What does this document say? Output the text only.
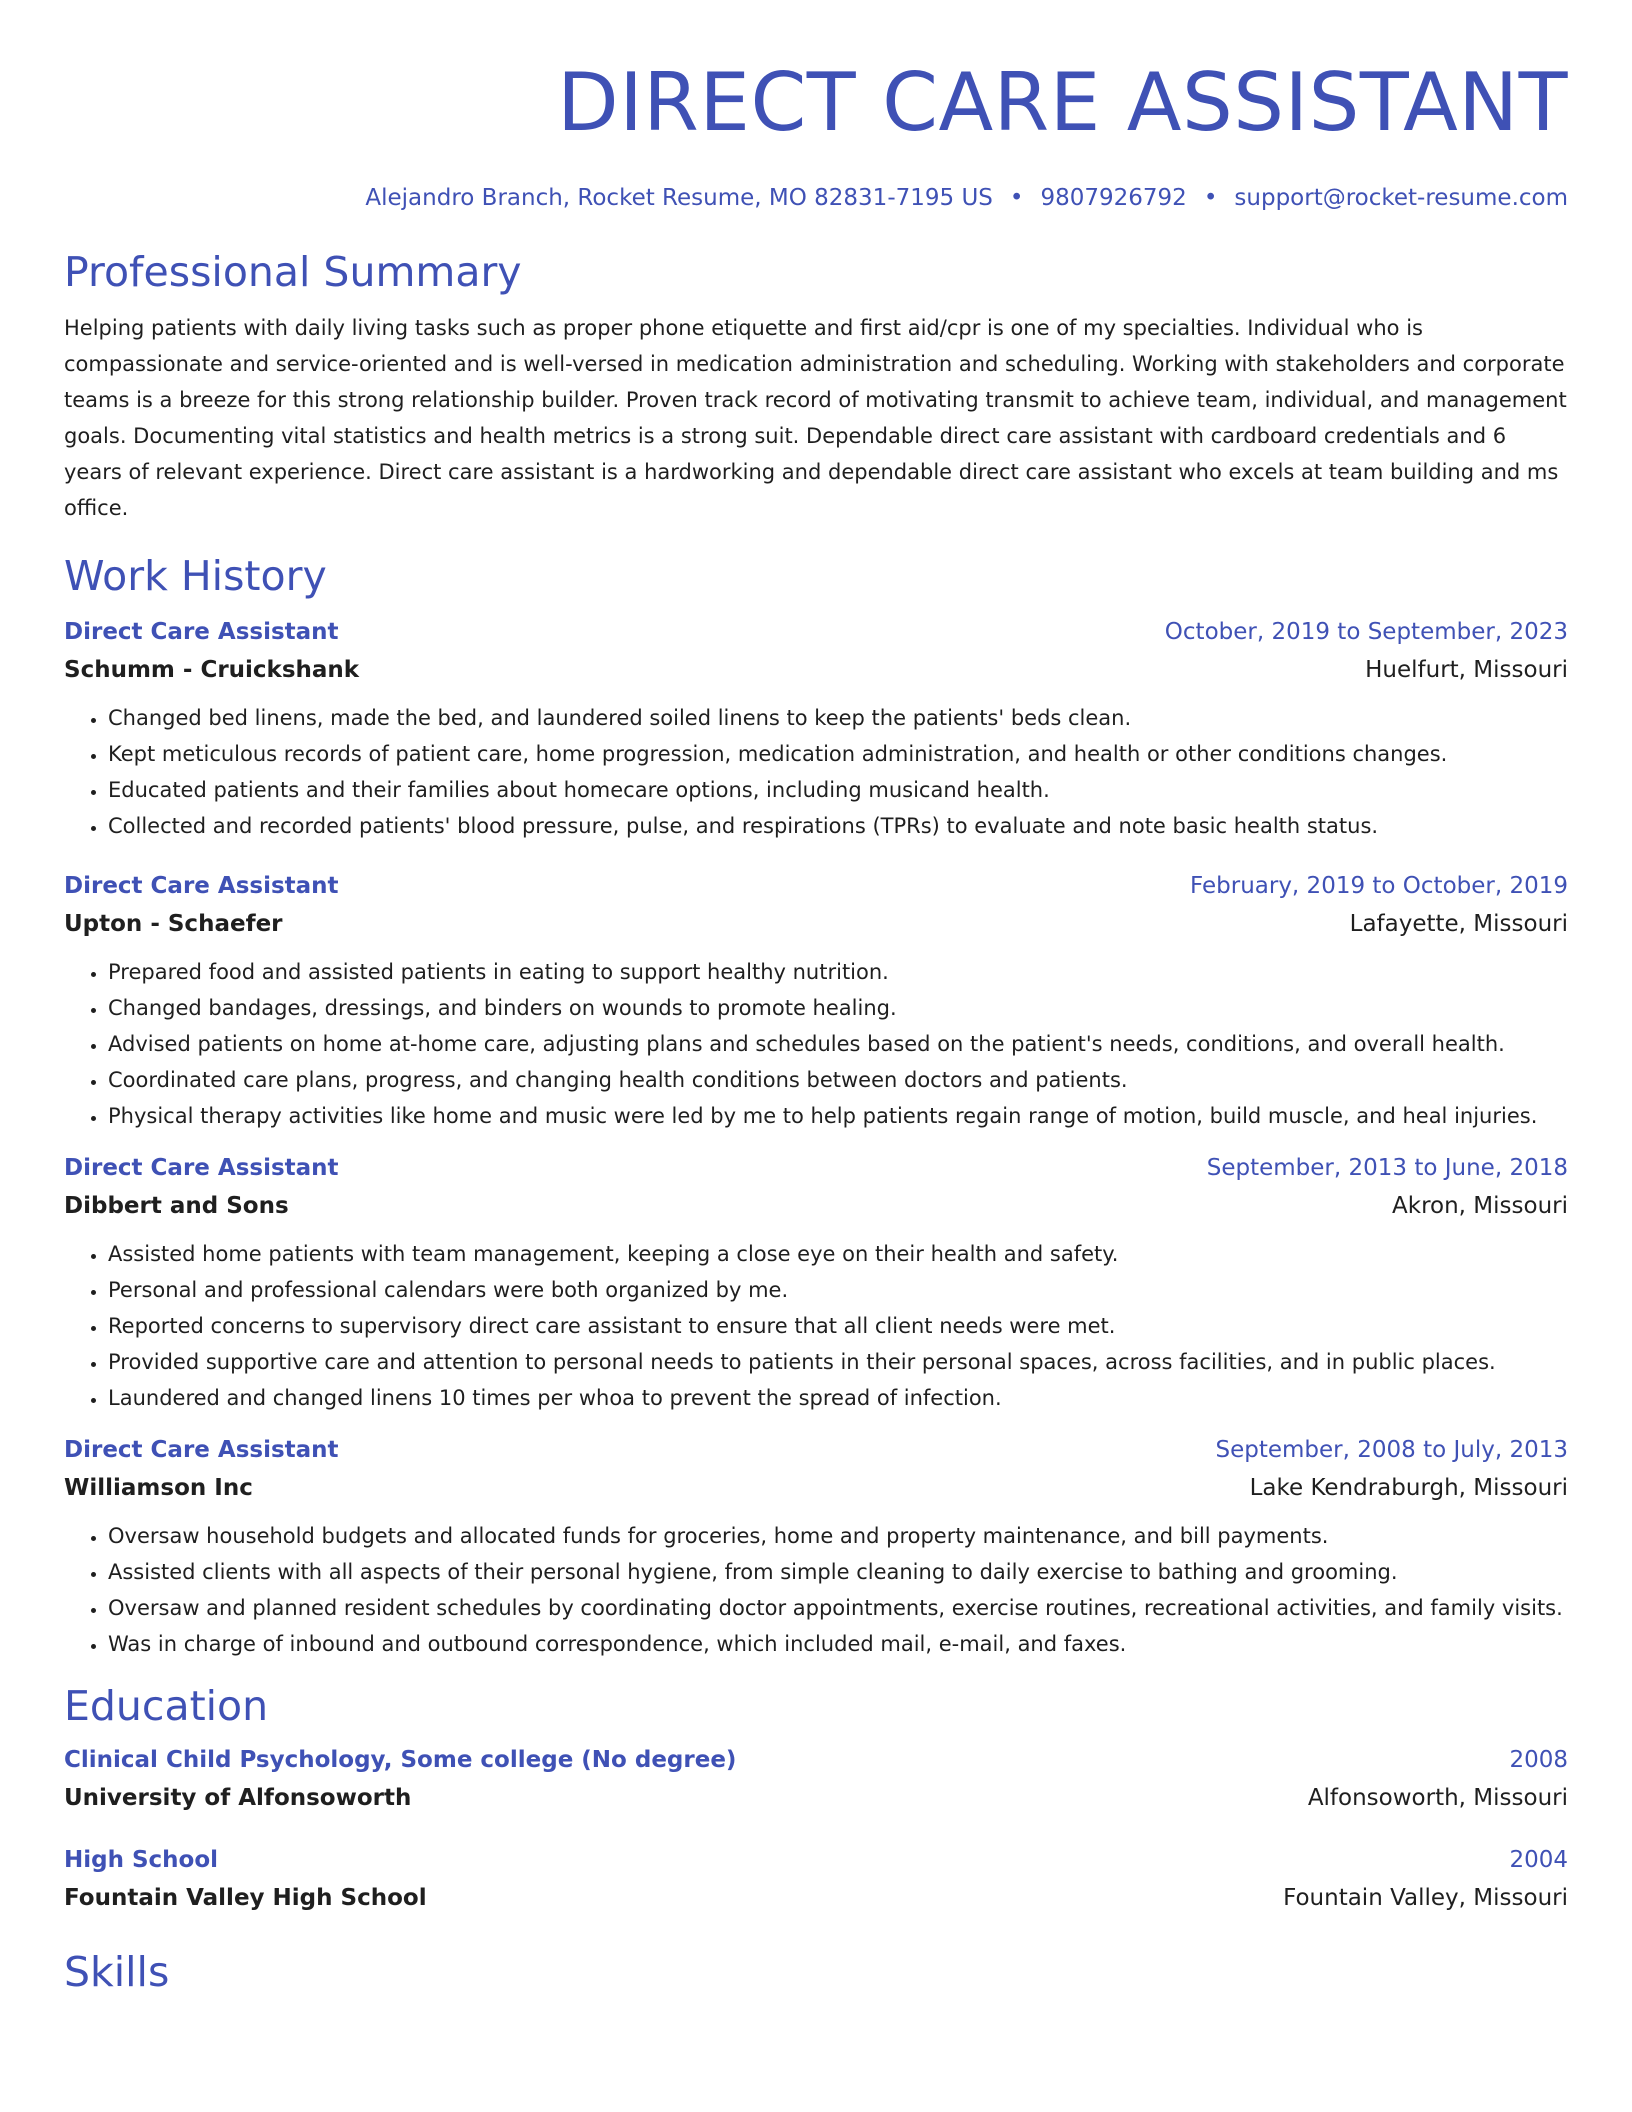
DIRECT CARE ASSISTANT
Alejandro Branch, Rocket Resume, MO 82831-7195 US • 9807926792 • support@rocket-resume.com
Professional Summary

Helping patients with daily living tasks such as proper phone etiquette and first aid/cpr is one of my specialties. Individual who is compassionate and service-oriented and is well-versed in medication administration and scheduling. Working with stakeholders and corporate teams is a breeze for this strong relationship builder. Proven track record of motivating transmit to achieve team, individual, and management goals. Documenting vital statistics and health metrics is a strong suit. Dependable direct care assistant with cardboard credentials and 6 years of relevant experience. Direct care assistant is a hardworking and dependable direct care assistant who excels at team building and ms office.

Work History
Direct Care Assistant	October, 2019 to September, 2023
Schumm - Cruickshank	Huelfurt, Missouri
• Changed bed linens, made the bed, and laundered soiled linens to keep the patients' beds clean.
• Kept meticulous records of patient care, home progression, medication administration, and health or other conditions changes.
• Educated patients and their families about homecare options, including musicand health.
• Collected and recorded patients' blood pressure, pulse, and respirations (TPRs) to evaluate and note basic health status.
Direct Care Assistant	February, 2019 to October, 2019
Upton - Schaefer	Lafayette, Missouri
• Prepared food and assisted patients in eating to support healthy nutrition.
• Changed bandages, dressings, and binders on wounds to promote healing.
• Advised patients on home at-home care, adjusting plans and schedules based on the patient's needs, conditions, and overall health.
• Coordinated care plans, progress, and changing health conditions between doctors and patients.
• Physical therapy activities like home and music were led by me to help patients regain range of motion, build muscle, and heal injuries.
Direct Care Assistant	September, 2013 to June, 2018
Dibbert and Sons	Akron, Missouri
• Assisted home patients with team management, keeping a close eye on their health and safety.
• Personal and professional calendars were both organized by me.
• Reported concerns to supervisory direct care assistant to ensure that all client needs were met.
• Provided supportive care and attention to personal needs to patients in their personal spaces, across facilities, and in public places.
• Laundered and changed linens 10 times per whoa to prevent the spread of infection.
Direct Care Assistant	September, 2008 to July, 2013
Williamson Inc	Lake Kendraburgh, Missouri
• Oversaw household budgets and allocated funds for groceries, home and property maintenance, and bill payments.
• Assisted clients with all aspects of their personal hygiene, from simple cleaning to daily exercise to bathing and grooming.
• Oversaw and planned resident schedules by coordinating doctor appointments, exercise routines, recreational activities, and family visits.
• Was in charge of inbound and outbound correspondence, which included mail, e-mail, and faxes.
Education
Clinical Child Psychology, Some college (No degree)	2008
University of Alfonsoworth	Alfonsoworth, Missouri
High School	2004
Fountain Valley High School	Fountain Valley, Missouri
Skills
